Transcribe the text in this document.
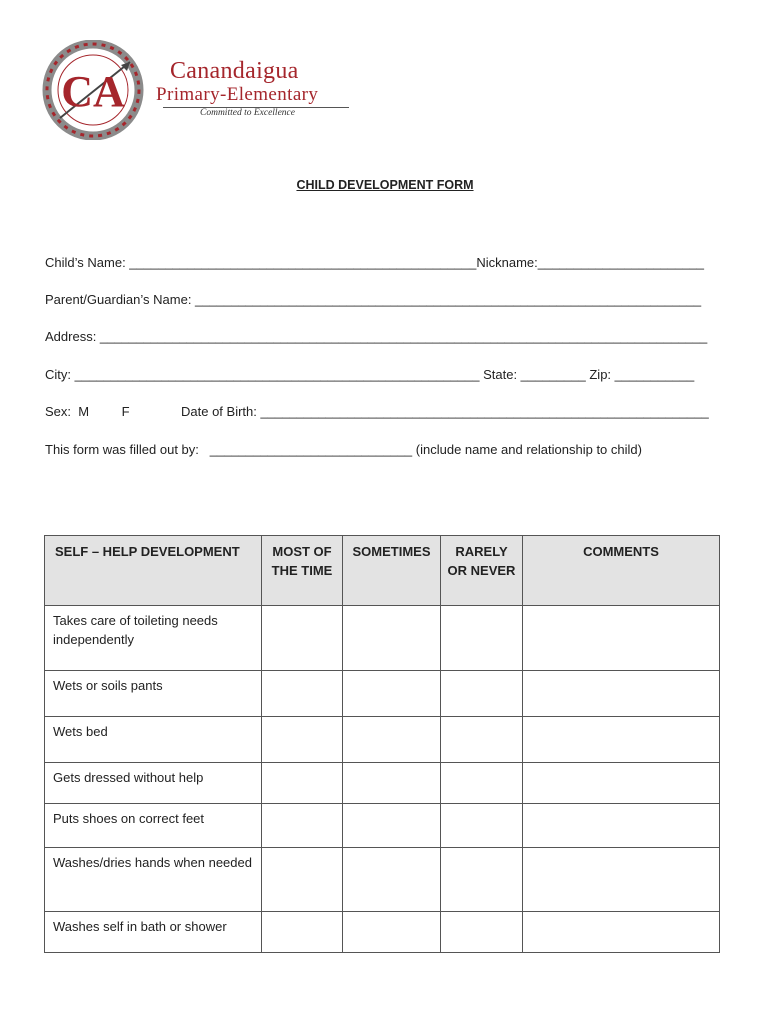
CA Canandaigua
Primary-Elementary
Committed to Excellence
CHILD DEVELOPMENT FORM
Child’s Name: ________________________________________________Nickname:_______________________
Parent/Guardian’s Name: ______________________________________________________________________
Address: ____________________________________________________________________________________
City: ________________________________________________________ State: _________ Zip: ___________
Sex:  M         F	Date of Birth: ______________________________________________________________
This form was filled out by:   ____________________________ (include name and relationship to child)
SELF – HELP DEVELOPMENT	MOST OF THE TIME	SOMETIMES	RARELY OR NEVER	COMMENTS
Takes care of toileting needs independently				
Wets or soils pants				
Wets bed				
Gets dressed without help				
Puts shoes on correct feet				
Washes/dries hands when needed				
Washes self in bath or shower				
